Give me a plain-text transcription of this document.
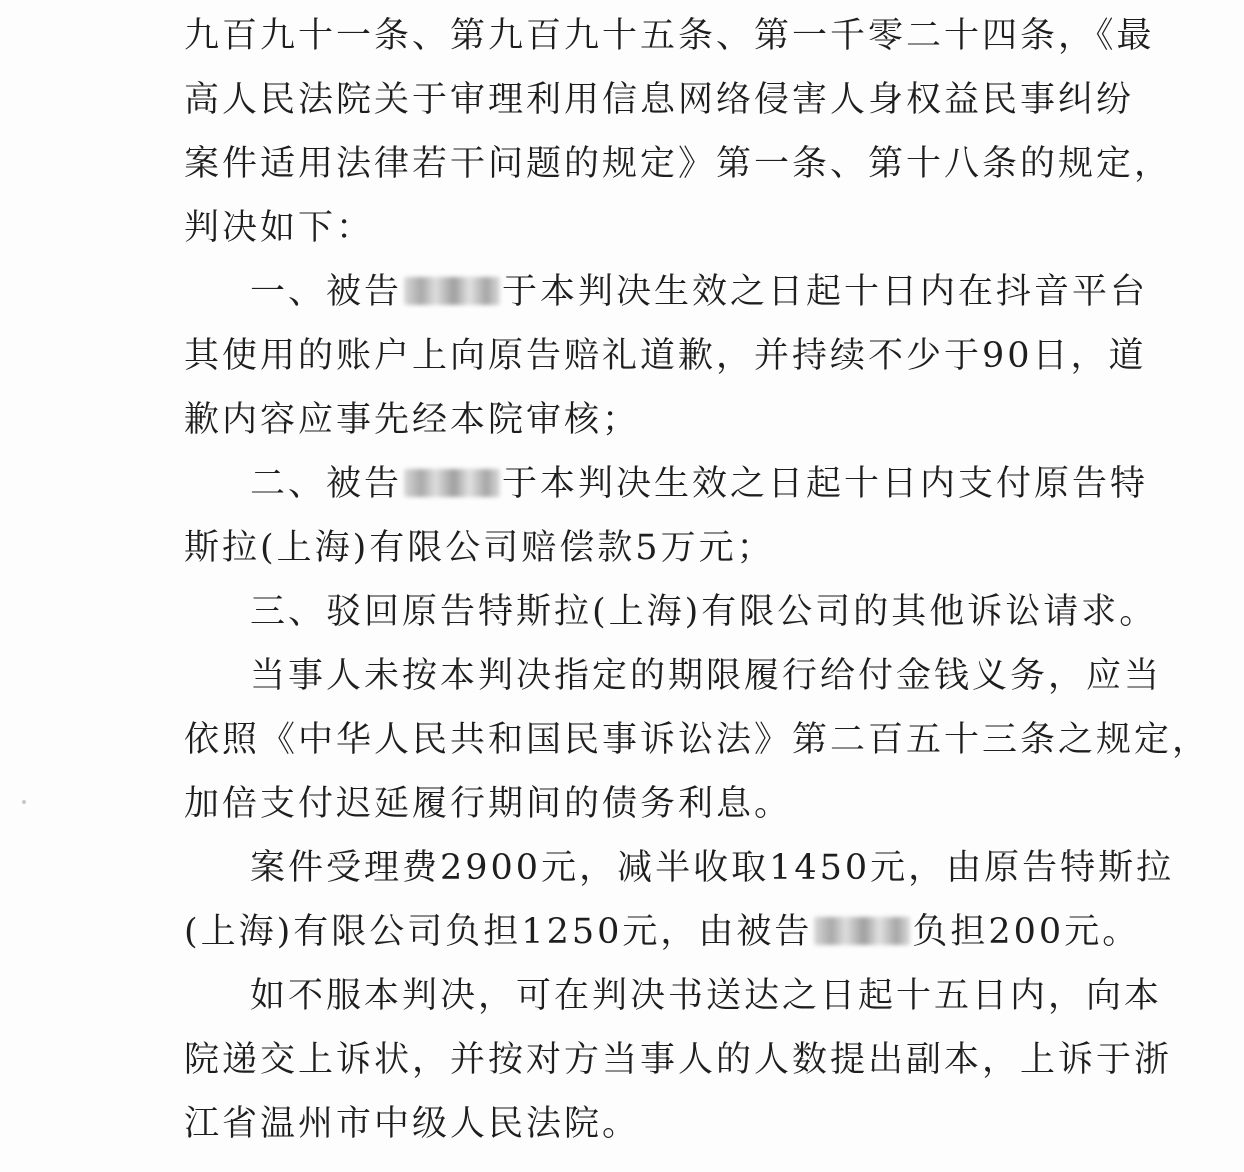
九百九十一条、第九百九十五条、第一千零二十四条，《最
高人民法院关于审理利用信息网络侵害人身权益民事纠纷
案件适用法律若干问题的规定》第一条、第十八条的规定，
判决如下：
一、被告	于本判决生效之日起十日内在抖音平台
其使用的账户上向原告赔礼道歉，并持续不少于90日，道
歉内容应事先经本院审核；
二、被告	于本判决生效之日起十日内支付原告特
斯拉(上海)有限公司赔偿款5万元；
三、驳回原告特斯拉(上海)有限公司的其他诉讼请求。
当事人未按本判决指定的期限履行给付金钱义务，应当
依照《中华人民共和国民事诉讼法》第二百五十三条之规定，
加倍支付迟延履行期间的债务利息。
案件受理费2900元，减半收取1450元，由原告特斯拉
(上海)有限公司负担1250元，由被告	负担200元。
如不服本判决，可在判决书送达之日起十五日内，向本
院递交上诉状，并按对方当事人的人数提出副本，上诉于浙
江省温州市中级人民法院。
